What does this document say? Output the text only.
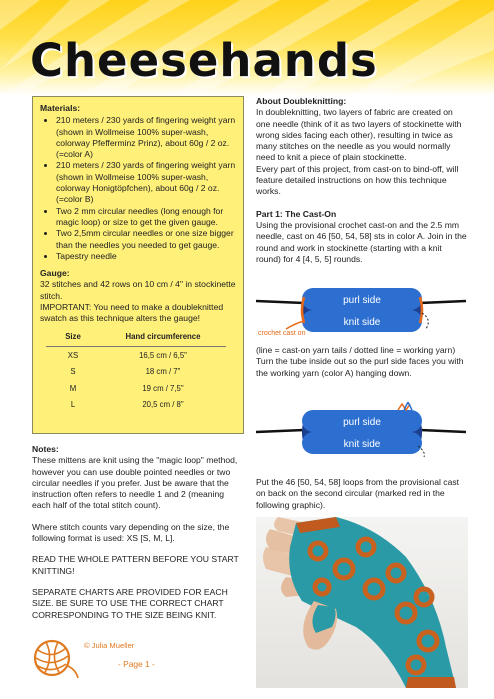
Cheesehands
Materials:
• 210 meters / 230 yards of fingering weight yarn (shown in Wollmeise 100% super-wash, colorway Pfefferminz Prinz), about 60g / 2 oz. (=color A)
• 210 meters / 230 yards of fingering weight yarn (shown in Wollmeise 100% super-wash, colorway Honigtöpfchen), about 60g / 2 oz. (=color B)
• Two 2 mm circular needles (long enough for magic loop) or size to get the given gauge.
• Two 2,5mm circular needles or one size bigger than the needles you needed to get gauge.
• Tapestry needle
Gauge:
32 stitches and 42 rows on 10 cm / 4" in stockinette stitch.
IMPORTANT: You need to make a doubleknitted swatch as this technique alters the gauge!
Size	Hand circumference
XS	16,5 cm / 6,5"
S	18 cm / 7"
M	19 cm / 7,5"
L	20,5 cm / 8"

Notes:

These mittens are knit using the "magic loop" method, however you can use double pointed needles or two circular needles if you prefer. Just be aware that the instruction often refers to needle 1 and 2 (meaning each half of the total stitch count).

Where stitch counts vary depending on the size, the following format is used: XS [S, M, L].

READ THE WHOLE PATTERN BEFORE YOU START KNITTING!

SEPARATE CHARTS ARE PROVIDED FOR EACH SIZE. BE SURE TO USE THE CORRECT CHART CORRESPONDING TO THE SIZE BEING KNIT.

About Doubleknitting:

In doubleknitting, two layers of fabric are created on one needle (think of it as two layers of stockinette with wrong sides facing each other), resulting in twice as many stitches on the needle as you would normally need to knit a piece of plain stockinette.

Every part of this project, from cast-on to bind-off, will feature detailed instructions on how this technique works.

Part 1: The Cast-On

Using the provisional crochet cast-on and the 2.5 mm needle, cast on 46 [50, 54, 58] sts in color A. Join in the round and work in stockinette (starting with a knit round) for 4 [4, 5, 5] rounds.

purl side
knit side
crochet cast on

(line = cast-on yarn tails / dotted line = working yarn)

Turn the tube inside out so the purl side faces you with the working yarn (color A) hanging down.

purl side
knit side

Put the 46 [50, 54, 58] loops from the provisional cast on back on the second circular (marked red in the following graphic).

© Julia Mueller
- Page 1 -
